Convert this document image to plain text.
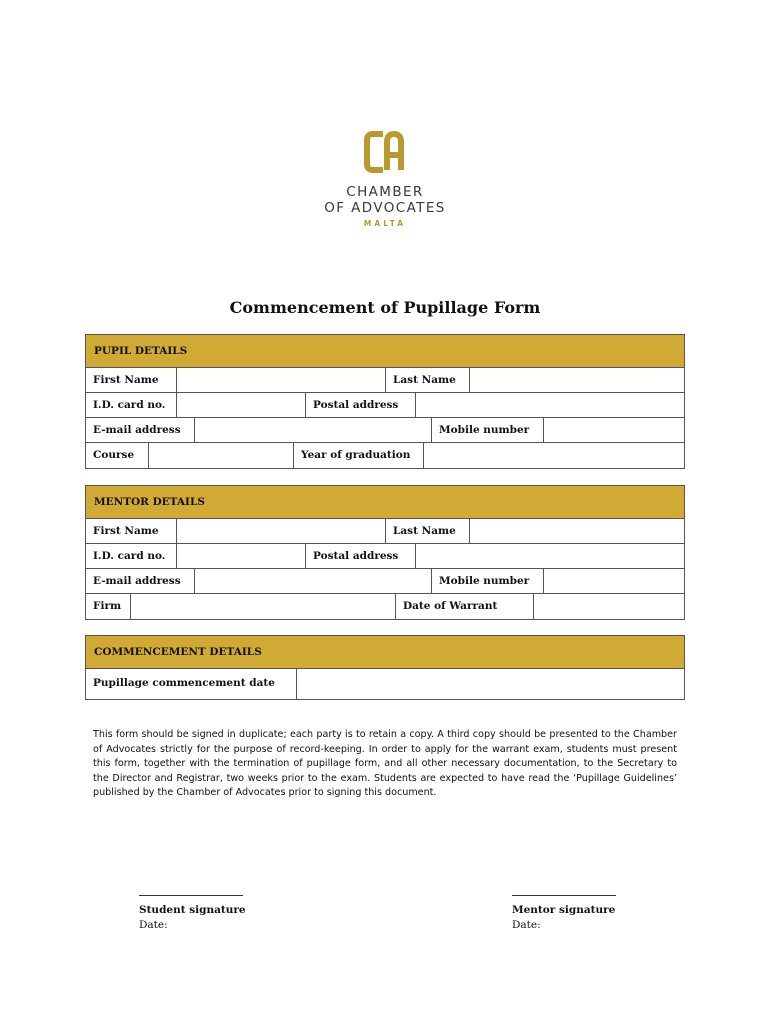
CHAMBER
OF ADVOCATES
MALTA
Commencement of Pupillage Form
PUPIL DETAILS
First Name	Last Name
I.D. card no.	Postal address
E-mail address	Mobile number
Course	Year of graduation
MENTOR DETAILS
First Name	Last Name
I.D. card no.	Postal address
E-mail address	Mobile number
Firm	Date of Warrant
COMMENCEMENT DETAILS
Pupillage commencement date
This form should be signed in duplicate; each party is to retain a copy. A third copy should be presented to the Chamber of Advocates strictly for the purpose of record-keeping. In order to apply for the warrant exam, students must present this form, together with the termination of pupillage form, and all other necessary documentation, to the Secretary to the Director and Registrar, two weeks prior to the exam. Students are expected to have read the ‘Pupillage Guidelines’ published by the Chamber of Advocates prior to signing this document.
Student signature
Date:
Mentor signature
Date:
